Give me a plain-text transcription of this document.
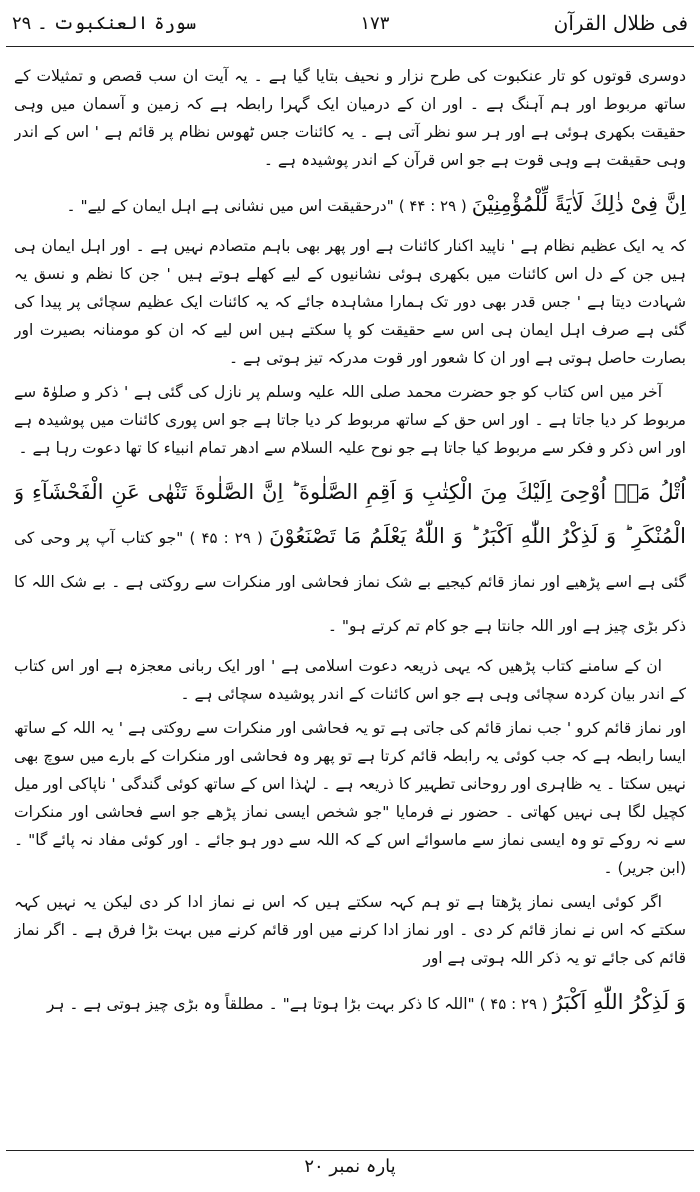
فی ظلال القرآن
۱۷۳
سورۃ العنکبوت ۔ ۲۹

دوسری قوتوں کو تار عنکبوت کی طرح نزار و نحیف بتایا گیا ہے ۔ یہ آیت ان سب قصص و تمثیلات کے ساتھ مربوط اور ہم آہنگ ہے ۔ اور ان کے درمیان ایک گہرا رابطہ ہے کہ زمین و آسمان میں وہی حقیقت بکھری ہوئی ہے اور ہر سو نظر آتی ہے ۔ یہ کائنات جس ٹھوس نظام پر قائم ہے ' اس کے اندر وہی حقیقت ہے وہی قوت ہے جو اس قرآن کے اندر پوشیدہ ہے ۔

اِنَّ فِیْ ذٰلِكَ لَاٰیَةً لِّلْمُؤْمِنِیْنَ ( ۲۹ : ۴۴ ) "درحقیقت اس میں نشانی ہے اہل ایمان کے لیے" ۔

کہ یہ ایک عظیم نظام ہے ' ناپید اکنار کائنات ہے اور پھر بھی باہم متصادم نہیں ہے ۔ اور اہل ایمان ہی ہیں جن کے دل اس کائنات میں بکھری ہوئی نشانیوں کے لیے کھلے ہوتے ہیں ' جن کا نظم و نسق یہ شہادت دیتا ہے ' جس قدر بھی دور تک ہمارا مشاہدہ جائے کہ یہ کائنات ایک عظیم سچائی پر پیدا کی گئی ہے صرف اہل ایمان ہی اس سے حقیقت کو پا سکتے ہیں اس لیے کہ ان کو مومنانہ بصیرت اور بصارت حاصل ہوتی ہے اور ان کا شعور اور قوت مدرکہ تیز ہوتی ہے ۔

آخر میں اس کتاب کو جو حضرت محمد صلی اللہ علیہ وسلم پر نازل کی گئی ہے ' ذکر و صلوٰۃ سے مربوط کر دیا جاتا ہے ۔ اور اس حق کے ساتھ مربوط کر دیا جاتا ہے جو اس پوری کائنات میں پوشیدہ ہے اور اس ذکر و فکر سے مربوط کیا جاتا ہے جو نوح علیہ السلام سے ادھر تمام انبیاء کا تھا دعوت رہا ہے ۔

اُتْلُ مَاۤ اُوْحِیَ اِلَیْكَ مِنَ الْكِتٰبِ وَ اَقِمِ الصَّلٰوةَ ؕ اِنَّ الصَّلٰوةَ تَنْهٰی عَنِ الْفَحْشَآءِ وَ الْمُنْكَرِ ؕ وَ لَذِكْرُ اللّٰهِ اَكْبَرُ ؕ وَ اللّٰهُ یَعْلَمُ مَا تَصْنَعُوْنَ ( ۲۹ : ۴۵ ) "جو کتاب آپ پر وحی کی گئی ہے اسے پڑھیے اور نماز قائم کیجیے بے شک نماز فحاشی اور منکرات سے روکتی ہے ۔ بے شک اللہ کا ذکر بڑی چیز ہے اور اللہ جانتا ہے جو کام تم کرتے ہو" ۔

ان کے سامنے کتاب پڑھیں کہ یہی ذریعہ دعوت اسلامی ہے ' اور ایک ربانی معجزہ ہے اور اس کتاب کے اندر بیان کردہ سچائی وہی ہے جو اس کائنات کے اندر پوشیدہ سچائی ہے ۔

اور نماز قائم کرو ' جب نماز قائم کی جاتی ہے تو یہ فحاشی اور منکرات سے روکتی ہے ' یہ اللہ کے ساتھ ایسا رابطہ ہے کہ جب کوئی یہ رابطہ قائم کرتا ہے تو پھر وہ فحاشی اور منکرات کے بارے میں سوچ بھی نہیں سکتا ۔ یہ ظاہری اور روحانی تطہیر کا ذریعہ ہے ۔ لہٰذا اس کے ساتھ کوئی گندگی ' ناپاکی اور میل کچیل لگا ہی نہیں کھاتی ۔ حضور نے فرمایا "جو شخص ایسی نماز پڑھے جو اسے فحاشی اور منکرات سے نہ روکے تو وہ ایسی نماز سے ماسوائے اس کے کہ اللہ سے دور ہو جائے ۔ اور کوئی مفاد نہ پائے گا" ۔ (ابن جریر) ۔

اگر کوئی ایسی نماز پڑھتا ہے تو ہم کہہ سکتے ہیں کہ اس نے نماز ادا کر دی لیکن یہ نہیں کہہ سکتے کہ اس نے نماز قائم کر دی ۔ اور نماز ادا کرنے میں اور قائم کرنے میں بہت بڑا فرق ہے ۔ اگر نماز قائم کی جائے تو یہ ذکر اللہ ہوتی ہے اور

وَ لَذِكْرُ اللّٰهِ اَكْبَرُ ( ۲۹ : ۴۵ ) "اللہ کا ذکر بہت بڑا ہوتا ہے" ۔ مطلقاً وہ بڑی چیز ہوتی ہے ۔ ہر

پارہ نمبر ۲۰
